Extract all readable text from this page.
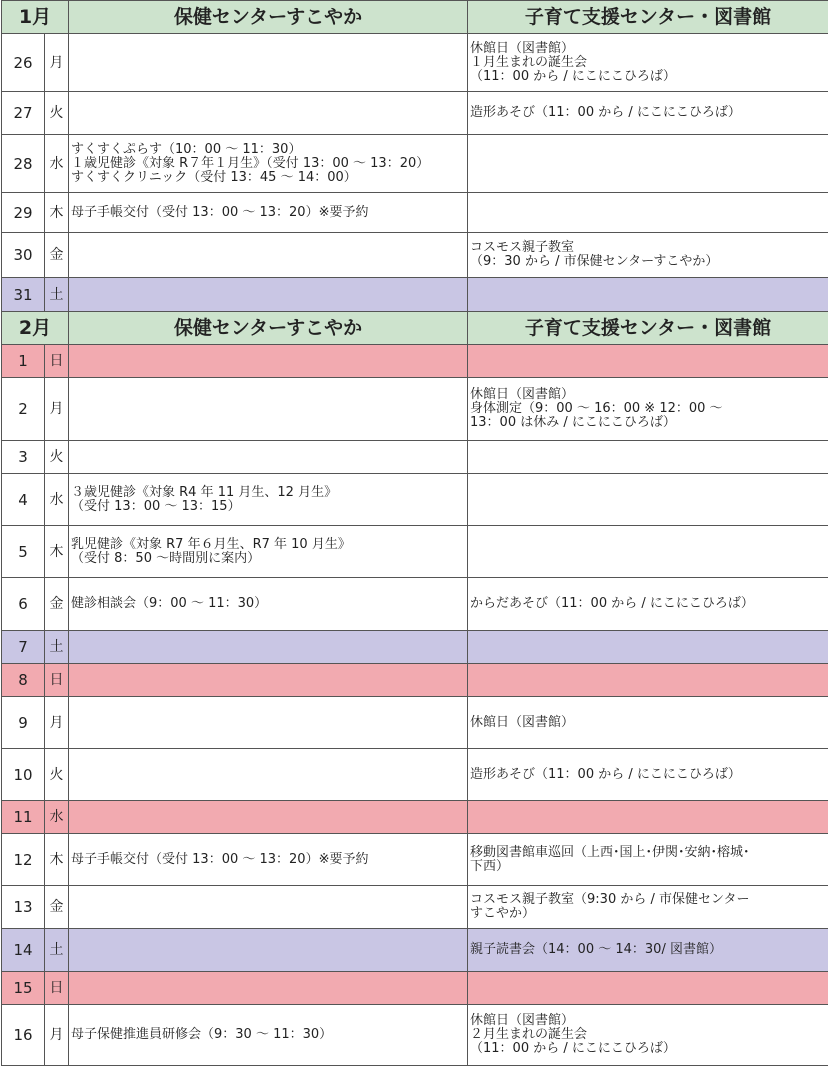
1月		保健センターすこやか	子育て支援センター・図書館
26	月		休館日（図書館）
１月生まれの誕生会
（11：00 から / にこにこひろば）

27	火		造形あそび（11：00 から / にこにこひろば）

28	水	すくすくぷらす（10：00 ～ 11：30）
１歳児健診《対象 R７年１月生》（受付 13：00 ～ 13：20）
すくすくクリニック（受付 13：45 ～ 14：00）	

29	木	母子手帳交付（受付 13：00 ～ 13：20）※要予約	

30	金		コスモス親子教室
（9：30 から / 市保健センターすこやか）

31	土		
2月		保健センターすこやか	子育て支援センター・図書館
1	日		
2	月		休館日（図書館）
身体測定（9：00 ～ 16：00 ※ 12：00 ～
13：00 は休み / にこにこひろば）

3	火		
4	水	３歳児健診《対象 R4 年 11 月生、12 月生》
（受付 13：00 ～ 13：15）	

5	木	乳児健診《対象 R7 年６月生、R7 年 10 月生》
（受付 8：50 ～時間別に案内）	

6	金	健診相談会（9：00 ～ 11：30）	からだあそび（11：00 から / にこにこひろば）

7	土		
8	日		
9	月		休館日（図書館）

10	火		造形あそび（11：00 から / にこにこひろば）

11	水		
12	木	母子手帳交付（受付 13：00 ～ 13：20）※要予約	移動図書館車巡回（上西･国上･伊関･安納･榕城･
下西）

13	金		コスモス親子教室（9:30 から / 市保健センター
すこやか）

14	土		親子読書会（14：00 ～ 14：30/ 図書館）

15	日		
16	月	母子保健推進員研修会（9：30 ～ 11：30）	休館日（図書館）
２月生まれの誕生会
（11：00 から / にこにこひろば）
